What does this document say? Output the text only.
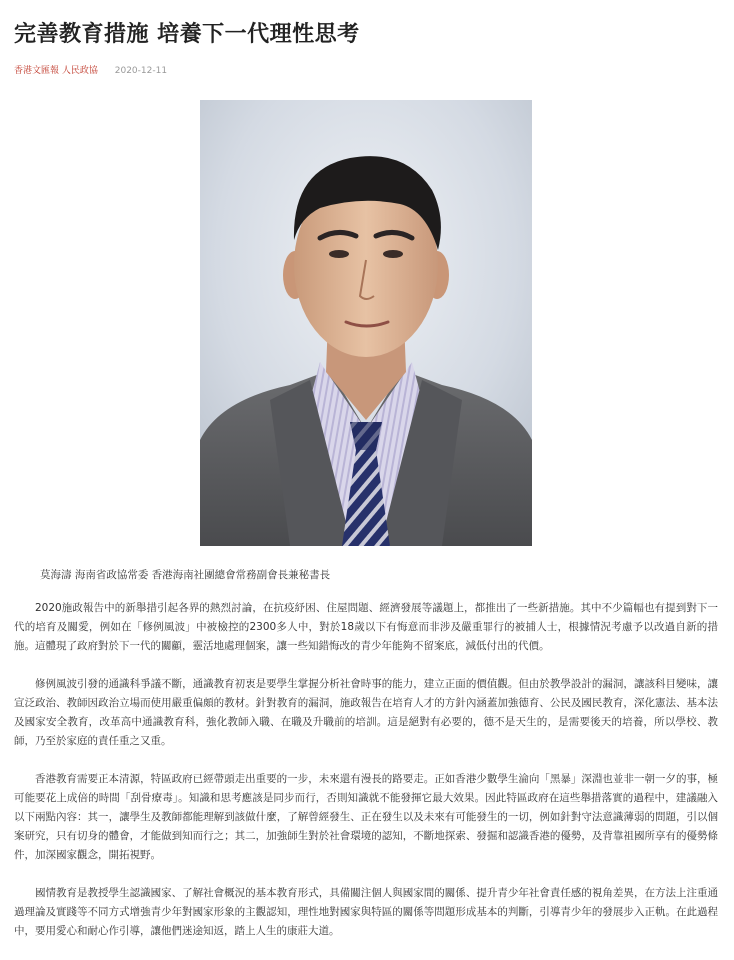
完善教育措施 培養下一代理性思考
香港文匯報 人民政協 2020-12-11
莫海濤 海南省政協常委 香港海南社團總會常務副會長兼秘書長

2020施政報告中的新舉措引起各界的熱烈討論，在抗疫紓困、住屋問題、經濟發展等議題上，都推出了一些新措施。其中不少篇幅也有提到對下一代的培育及關愛，例如在「修例風波」中被檢控的2300多人中，對於18歲以下有悔意而非涉及嚴重罪行的被捕人士，根據情況考慮予以改過自新的措施。這體現了政府對於下一代的關顧，靈活地處理個案，讓一些知錯悔改的青少年能夠不留案底，減低付出的代價。

修例風波引發的通識科爭議不斷，通識教育初衷是要學生掌握分析社會時事的能力，建立正面的價值觀。但由於教學設計的漏洞，讓該科目變味，讓宣泛政治、教師因政治立場而使用嚴重偏頗的教材。針對教育的漏洞，施政報告在培育人才的方針內涵蓋加強德育、公民及國民教育，深化憲法、基本法及國家安全教育，改革高中通識教育科，強化教師入職、在職及升職前的培訓。這是絕對有必要的，德不是天生的，是需要後天的培養，所以學校、教師，乃至於家庭的責任重之又重。

香港教育需要正本清源，特區政府已經帶頭走出重要的一步，未來還有漫長的路要走。正如香港少數學生淪向「黑暴」深淵也並非一朝一夕的事，極可能要花上成倍的時間「刮骨療毒」。知識和思考應該是同步而行，否則知識就不能發揮它最大效果。因此特區政府在這些舉措落實的過程中，建議融入以下兩點內容：其一，讓學生及教師都能理解到該做什麼，了解曾經發生、正在發生以及未來有可能發生的一切，例如針對守法意識薄弱的問題，引以個案研究，只有切身的體會，才能做到知而行之；其二，加強師生對於社會環境的認知，不斷地探索、發掘和認識香港的優勢，及背靠祖國所享有的優勢條件，加深國家觀念，開拓視野。

國情教育是教授學生認識國家、了解社會概況的基本教育形式，具備關注個人與國家間的關係、提升青少年社會責任感的視角差異，在方法上注重通過理論及實踐等不同方式增強青少年對國家形象的主觀認知，理性地對國家與特區的關係等問題形成基本的判斷，引導青少年的發展步入正軌。在此過程中，要用愛心和耐心作引導，讓他們迷途知返，踏上人生的康莊大道。
